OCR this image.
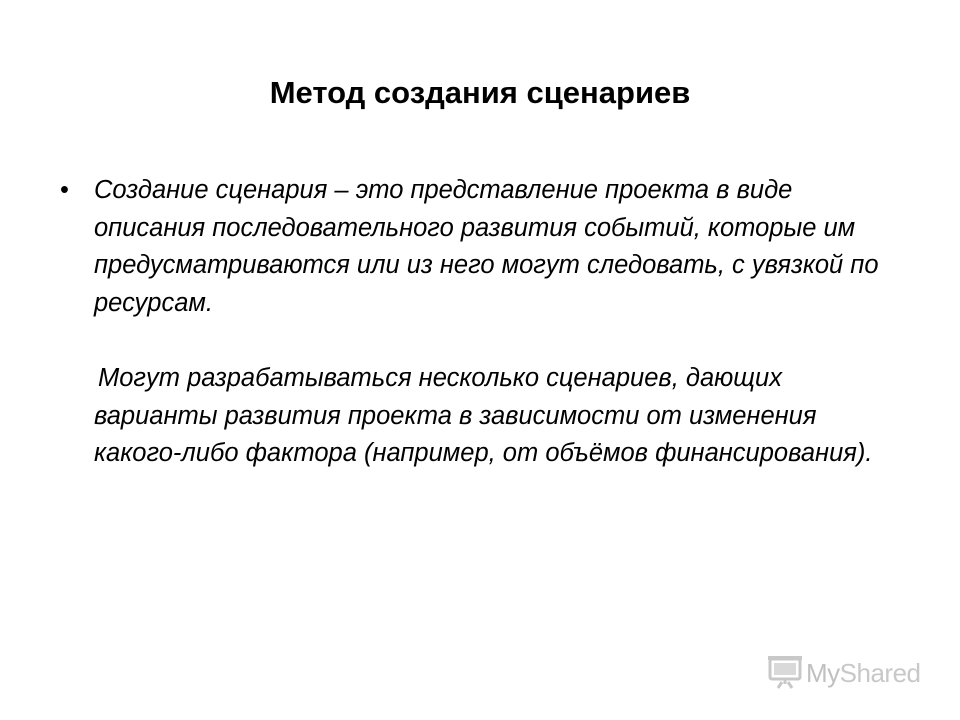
Метод создания сценариев

• Создание сценария – это представление проекта в виде описания последовательного развития событий, которые им предусматриваются или из него могут следовать, с увязкой по ресурсам.

Могут разрабатываться несколько сценариев, дающих варианты развития проекта в зависимости от изменения какого-либо фактора (например, от объёмов финансирования).

MyShared
